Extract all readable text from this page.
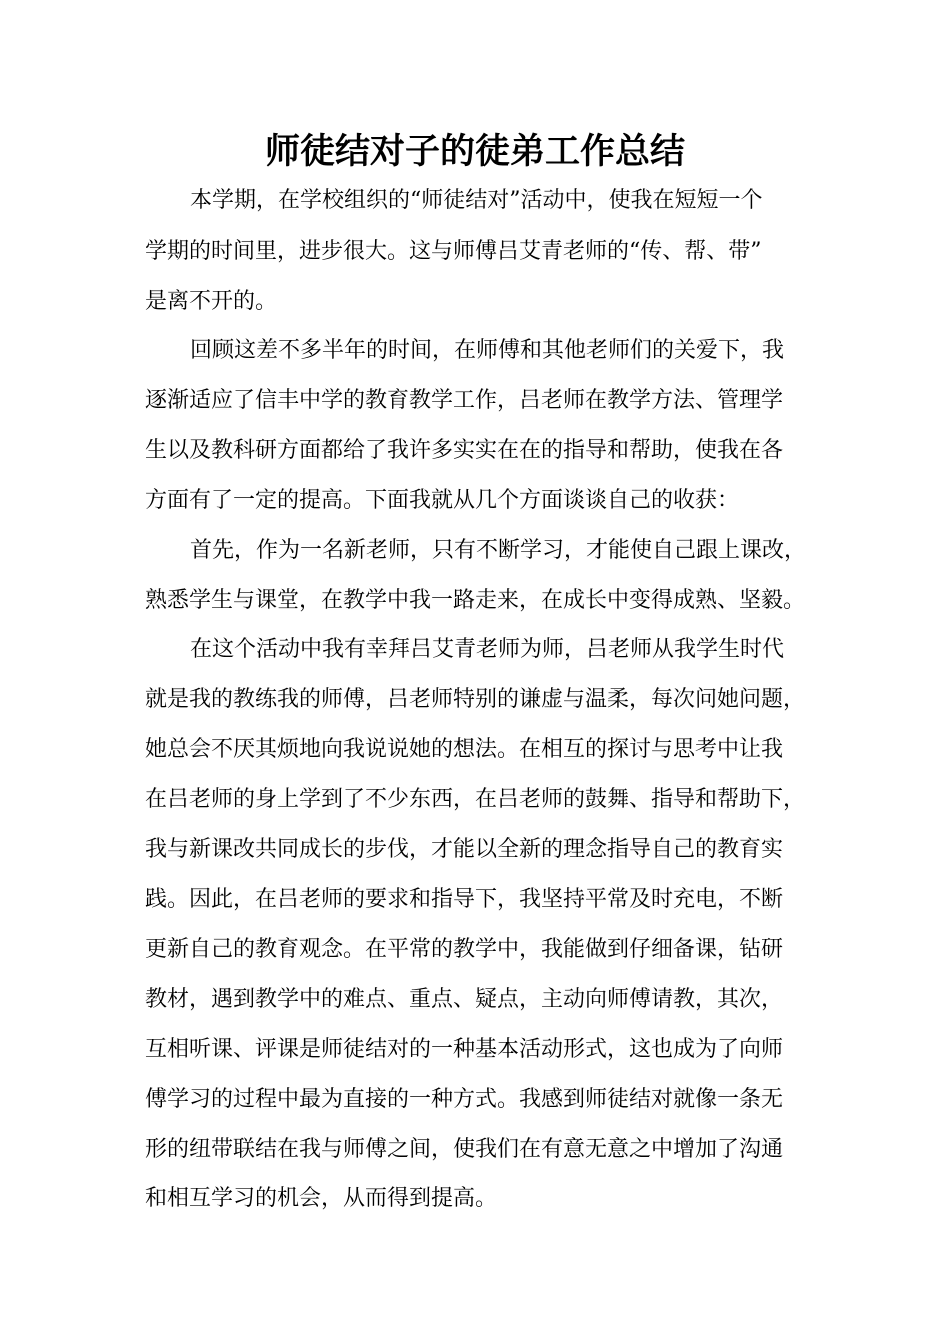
师徒结对子的徒弟工作总结
本学期，在学校组织的“师徒结对”活动中，使我在短短一个
学期的时间里，进步很大。这与师傅吕艾青老师的“传、帮、带”
是离不开的。
回顾这差不多半年的时间，在师傅和其他老师们的关爱下，我
逐渐适应了信丰中学的教育教学工作，吕老师在教学方法、管理学
生以及教科研方面都给了我许多实实在在的指导和帮助，使我在各
方面有了一定的提高。下面我就从几个方面谈谈自己的收获：
首先，作为一名新老师，只有不断学习，才能使自己跟上课改，
熟悉学生与课堂，在教学中我一路走来，在成长中变得成熟、坚毅。
在这个活动中我有幸拜吕艾青老师为师，吕老师从我学生时代
就是我的教练我的师傅，吕老师特别的谦虚与温柔，每次问她问题，
她总会不厌其烦地向我说说她的想法。在相互的探讨与思考中让我
在吕老师的身上学到了不少东西，在吕老师的鼓舞、指导和帮助下，
我与新课改共同成长的步伐，才能以全新的理念指导自己的教育实
践。因此，在吕老师的要求和指导下，我坚持平常及时充电，不断
更新自己的教育观念。在平常的教学中，我能做到仔细备课，钻研
教材，遇到教学中的难点、重点、疑点，主动向师傅请教，其次，
互相听课、评课是师徒结对的一种基本活动形式，这也成为了向师
傅学习的过程中最为直接的一种方式。我感到师徒结对就像一条无
形的纽带联结在我与师傅之间，使我们在有意无意之中增加了沟通
和相互学习的机会，从而得到提高。
